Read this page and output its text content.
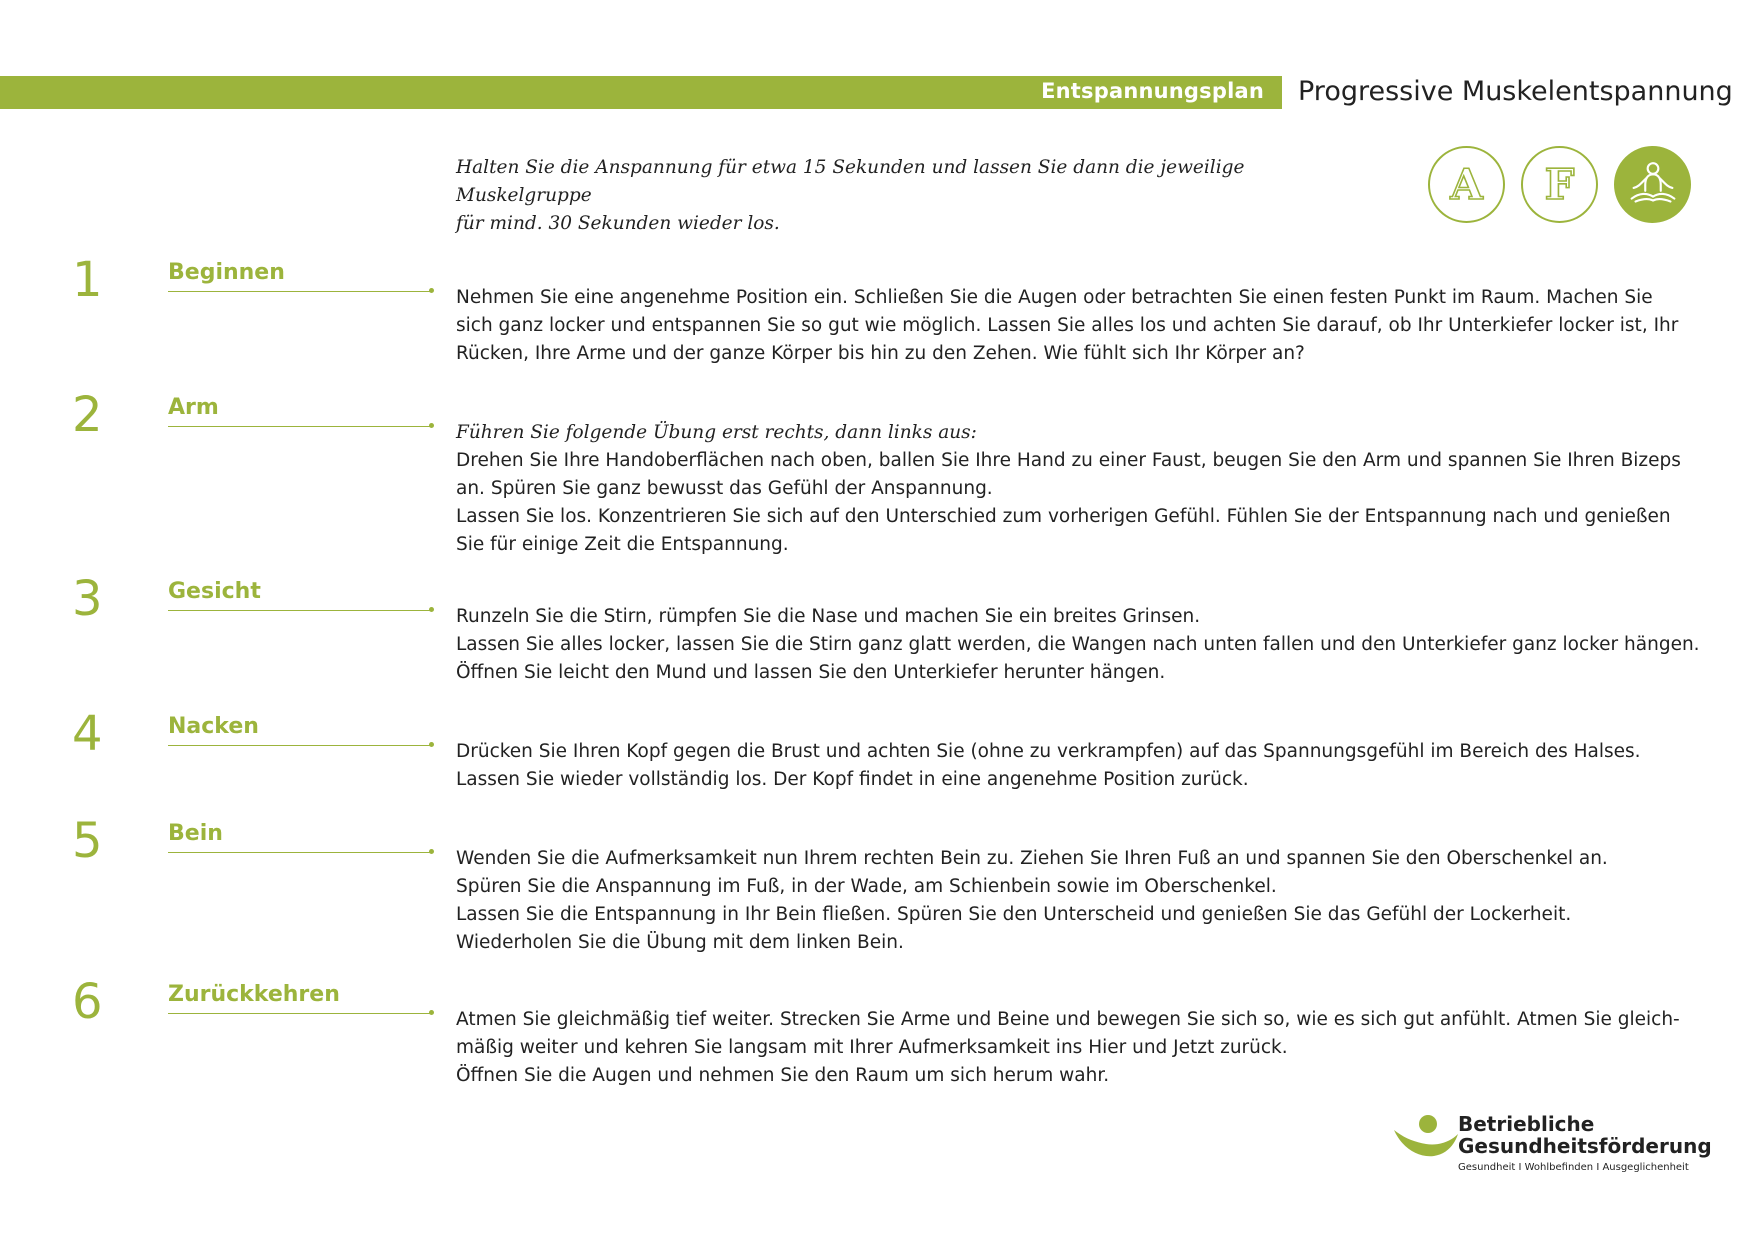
Entspannungsplan Progressive Muskelentspannung
Halten Sie die Anspannung für etwa 15 Sekunden und lassen Sie dann die jeweilige Muskelgruppe
für mind. 30 Sekunden wieder los.
A F
1	Beginnen

Nehmen Sie eine angenehme Position ein. Schließen Sie die Augen oder betrachten Sie einen festen Punkt im Raum. Machen Sie

sich ganz locker und entspannen Sie so gut wie möglich. Lassen Sie alles los und achten Sie darauf, ob Ihr Unterkiefer locker ist, Ihr

Rücken, Ihre Arme und der ganze Körper bis hin zu den Zehen. Wie fühlt sich Ihr Körper an?

2	Arm

Führen Sie folgende Übung erst rechts, dann links aus:

Drehen Sie Ihre Handoberflächen nach oben, ballen Sie Ihre Hand zu einer Faust, beugen Sie den Arm und spannen Sie Ihren Bizeps

an. Spüren Sie ganz bewusst das Gefühl der Anspannung.

Lassen Sie los. Konzentrieren Sie sich auf den Unterschied zum vorherigen Gefühl. Fühlen Sie der Entspannung nach und genießen

Sie für einige Zeit die Entspannung.

3	Gesicht

Runzeln Sie die Stirn, rümpfen Sie die Nase und machen Sie ein breites Grinsen.

Lassen Sie alles locker, lassen Sie die Stirn ganz glatt werden, die Wangen nach unten fallen und den Unterkiefer ganz locker hängen.

Öffnen Sie leicht den Mund und lassen Sie den Unterkiefer herunter hängen.

4	Nacken

Drücken Sie Ihren Kopf gegen die Brust und achten Sie (ohne zu verkrampfen) auf das Spannungsgefühl im Bereich des Halses.

Lassen Sie wieder vollständig los. Der Kopf findet in eine angenehme Position zurück.

5	Bein

Wenden Sie die Aufmerksamkeit nun Ihrem rechten Bein zu. Ziehen Sie Ihren Fuß an und spannen Sie den Oberschenkel an.

Spüren Sie die Anspannung im Fuß, in der Wade, am Schienbein sowie im Oberschenkel.

Lassen Sie die Entspannung in Ihr Bein fließen. Spüren Sie den Unterscheid und genießen Sie das Gefühl der Lockerheit.

Wiederholen Sie die Übung mit dem linken Bein.

6	Zurückkehren

Atmen Sie gleichmäßig tief weiter. Strecken Sie Arme und Beine und bewegen Sie sich so, wie es sich gut anfühlt. Atmen Sie gleich-

mäßig weiter und kehren Sie langsam mit Ihrer Aufmerksamkeit ins Hier und Jetzt zurück.

Öffnen Sie die Augen und nehmen Sie den Raum um sich herum wahr.

Betriebliche
Gesundheitsförderung
Gesundheit I Wohlbefinden I Ausgeglichenheit
